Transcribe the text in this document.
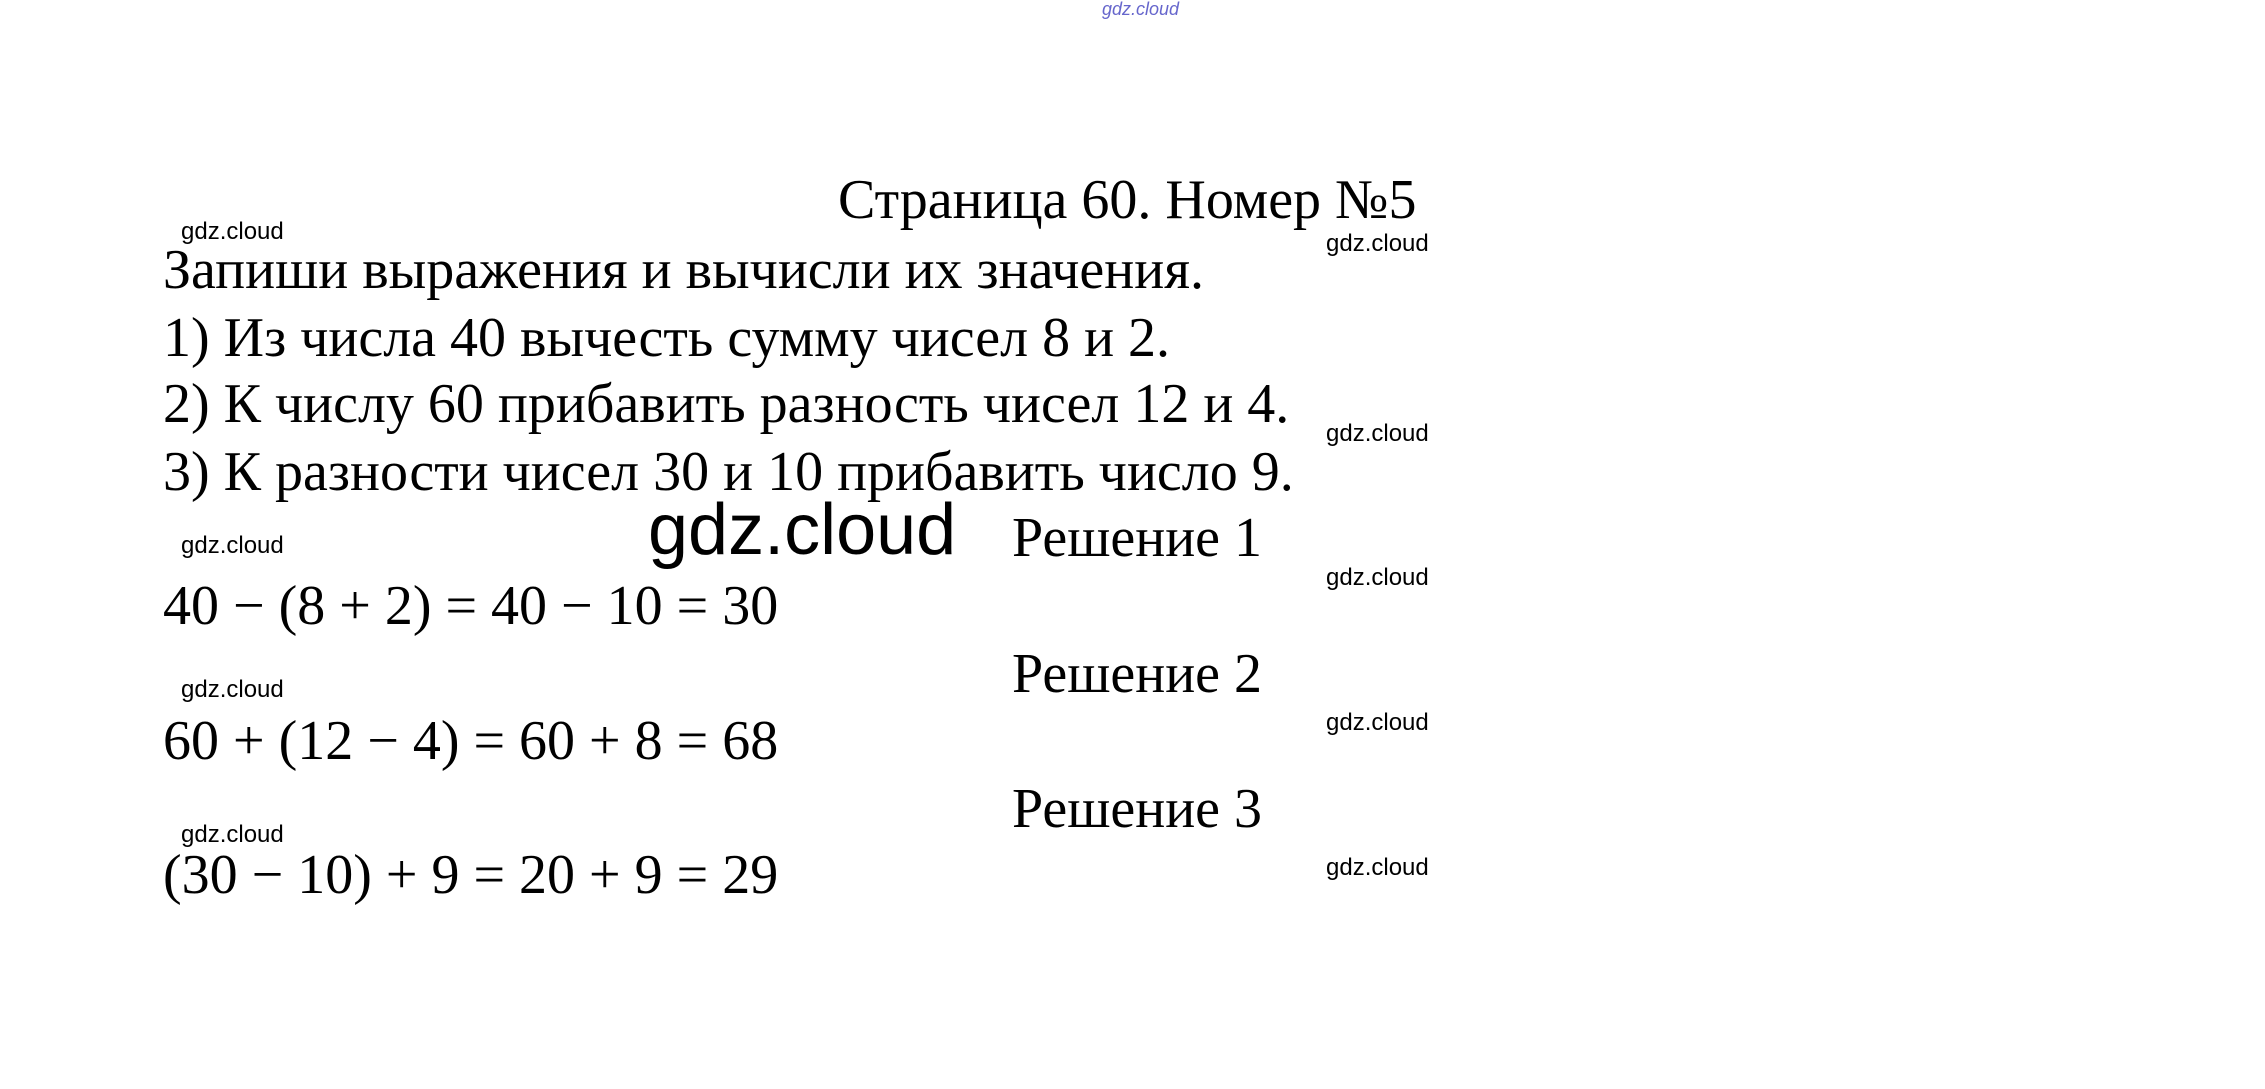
gdz.cloud
Страница 60. Номер №5
gdz.cloud	gdz.cloud
Запиши выражения и вычисли их значения.
1) Из числа 40 вычесть сумму чисел 8 и 2.
2) К числу 60 прибавить разность чисел 12 и 4. gdz.cloud
3) К разности чисел 30 и 10 прибавить число 9.
gdz.cloud Решение 1
gdz.cloud
gdz.cloud
40 − (8 + 2) = 40 − 10 = 30
Решение 2
gdz.cloud
gdz.cloud
60 + (12 − 4) = 60 + 8 = 68
Решение 3
gdz.cloud
gdz.cloud
(30 − 10) + 9 = 20 + 9 = 29
